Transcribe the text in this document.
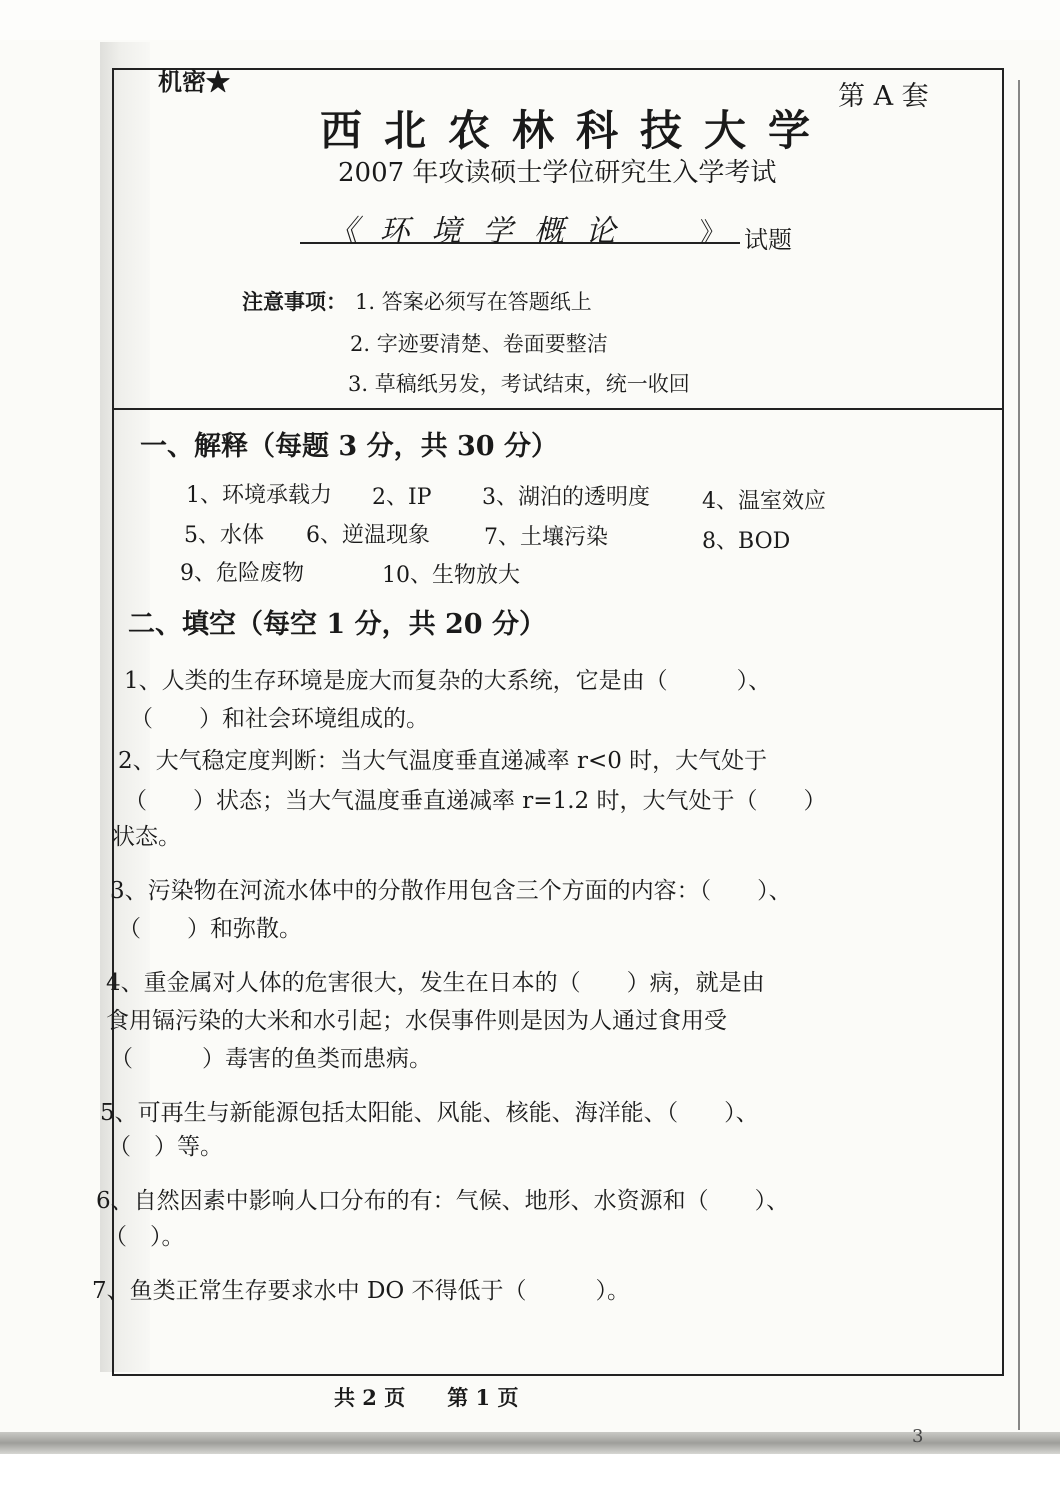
机密★	第 A 套
西北农林科技大学
2007 年攻读硕士学位研究生入学考试
《 环 境 学 概 论	》 试题
注意事项： 1. 答案必须写在答题纸上
2. 字迹要清楚、卷面要整洁
3. 草稿纸另发，考试结束，统一收回
一、解释（每题 3 分，共 30 分）
1、环境承载力 2、IP 3、湖泊的透明度 4、温室效应
5、水体 6、逆温现象 7、土壤污染	8、BOD
9、危险废物	10、生物放大
二、填空（每空 1 分，共 20 分）
1、人类的生存环境是庞大而复杂的大系统，它是由（　　　）、
（　　）和社会环境组成的。
2、大气稳定度判断：当大气温度垂直递减率 r<0 时，大气处于
（　　）状态；当大气温度垂直递减率 r=1.2 时，大气处于（　　）
状态。
3、污染物在河流水体中的分散作用包含三个方面的内容：（　　）、
（　　）和弥散。
4、重金属对人体的危害很大，发生在日本的（　　）病，就是由
食用镉污染的大米和水引起；水俣事件则是因为人通过食用受
（　　　）毒害的鱼类而患病。
5、可再生与新能源包括太阳能、风能、核能、海洋能、（　　）、
（　）等。
6、自然因素中影响人口分布的有：气候、地形、水资源和（　　）、
（　）。
7、鱼类正常生存要求水中 DO 不得低于（　　　）。
共 2 页　　第 1 页
3
